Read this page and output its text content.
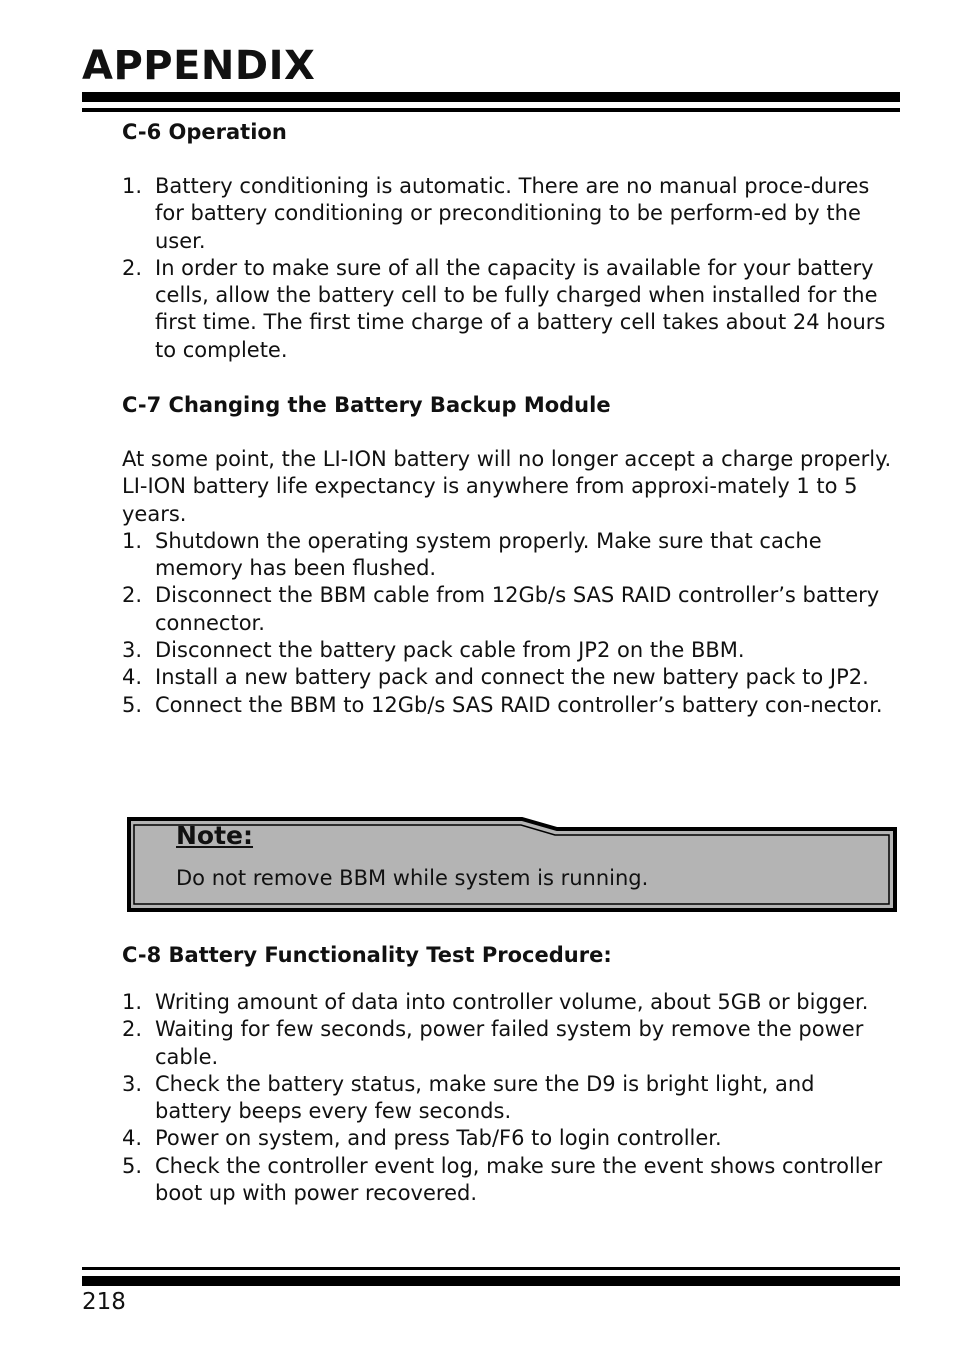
APPENDIX
C-6 Operation
1. Battery conditioning is automatic. There are no manual proce-dures for battery conditioning or preconditioning to be perform-ed by the user.
2. In order to make sure of all the capacity is available for your battery cells, allow the battery cell to be fully charged when installed for the first time. The first time charge of a battery cell takes about 24 hours to complete.
C-7 Changing the Battery Backup Module

At some point, the LI-ION battery will no longer accept a charge properly. LI-ION battery life expectancy is anywhere from approxi-mately 1 to 5 years.

1. Shutdown the operating system properly. Make sure that cache memory has been flushed.
2. Disconnect the BBM cable from 12Gb/s SAS RAID controller’s battery connector.
3. Disconnect the battery pack cable from JP2 on the BBM.
4. Install a new battery pack and connect the new battery pack to JP2.
5. Connect the BBM to 12Gb/s SAS RAID controller’s battery con-nector.

Note:

Do not remove BBM while system is running.

C-8 Battery Functionality Test Procedure:
1. Writing amount of data into controller volume, about 5GB or bigger.
2. Waiting for few seconds, power failed system by remove the power cable.
3. Check the battery status, make sure the D9 is bright light, and battery beeps every few seconds.
4. Power on system, and press Tab/F6 to login controller.
5. Check the controller event log, make sure the event shows controller boot up with power recovered.
218
